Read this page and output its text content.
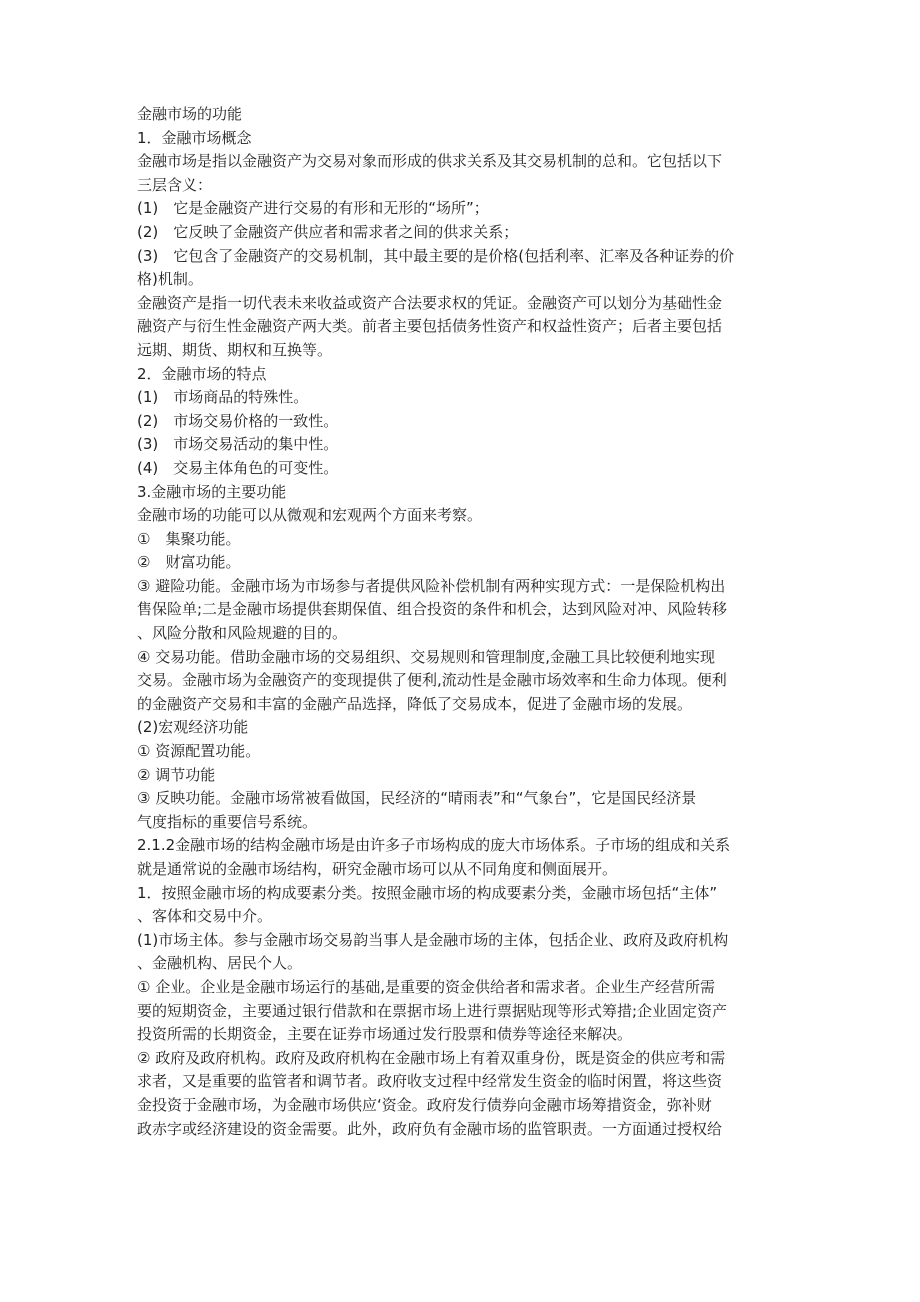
金融市场的功能
1．金融市场概念
金融市场是指以金融资产为交易对象而形成的供求关系及其交易机制的总和。它包括以下
三层含义：
(1)　它是金融资产进行交易的有形和无形的“场所”；
(2)　它反映了金融资产供应者和需求者之间的供求关系；
(3)　它包含了金融资产的交易机制，其中最主要的是价格(包括利率、汇率及各种证券的价
格)机制。
金融资产是指一切代表未来收益或资产合法要求权的凭证。金融资产可以划分为基础性金
融资产与衍生性金融资产两大类。前者主要包括债务性资产和权益性资产；后者主要包括
远期、期货、期权和互换等。
2．金融市场的特点
(1)　市场商品的特殊性。
(2)　市场交易价格的一致性。
(3)　市场交易活动的集中性。
(4)　交易主体角色的可变性。
3.金融市场的主要功能
金融市场的功能可以从微观和宏观两个方面来考察。
①　集聚功能。
②　财富功能。
③ 避险功能。金融市场为市场参与者提供风险补偿机制有两种实现方式：一是保险机构出
售保险单;二是金融市场提供套期保值、组合投资的条件和机会，达到风险对冲、风险转移
、风险分散和风险规避的目的。
④ 交易功能。借助金融市场的交易组织、交易规则和管理制度,金融工具比较便利地实现
交易。金融市场为金融资产的变现提供了便利,流动性是金融市场效率和生命力体现。便利
的金融资产交易和丰富的金融产品选择，降低了交易成本，促进了金融市场的发展。
(2)宏观经济功能
① 资源配置功能。
② 调节功能
③ 反映功能。金融市场常被看做国，民经济的“晴雨表”和“气象台”，它是国民经济景
气度指标的重要信号系统。
2.1.2金融市场的结构金融市场是由许多子市场构成的庞大市场体系。子市场的组成和关系
就是通常说的金融市场结构，研究金融市场可以从不同角度和侧面展开。
1．按照金融市场的构成要素分类。按照金融市场的构成要素分类，金融市场包括“主体”
、客体和交易中介。
(1)市场主体。参与金融市场交易韵当事人是金融市场的主体，包括企业、政府及政府机构
、金融机构、居民个人。
① 企业。企业是金融市场运行的基础,是重要的资金供给者和需求者。企业生产经营所需
要的短期资金，主要通过银行借款和在票据市场上进行票据贴现等形式筹措;企业固定资产
投资所需的长期资金，主要在证券市场通过发行股票和债券等途径来解决。
② 政府及政府机构。政府及政府机构在金融市场上有着双重身份，既是资金的供应考和需
求者，又是重要的监管者和调节者。政府收支过程中经常发生资金的临时闲置，将这些资
金投资于金融市场，为金融市场供应‘资金。政府发行债券向金融市场筹措资金，弥补财
政赤字或经济建设的资金需要。此外，政府负有金融市场的监管职责。一方面通过授权给
